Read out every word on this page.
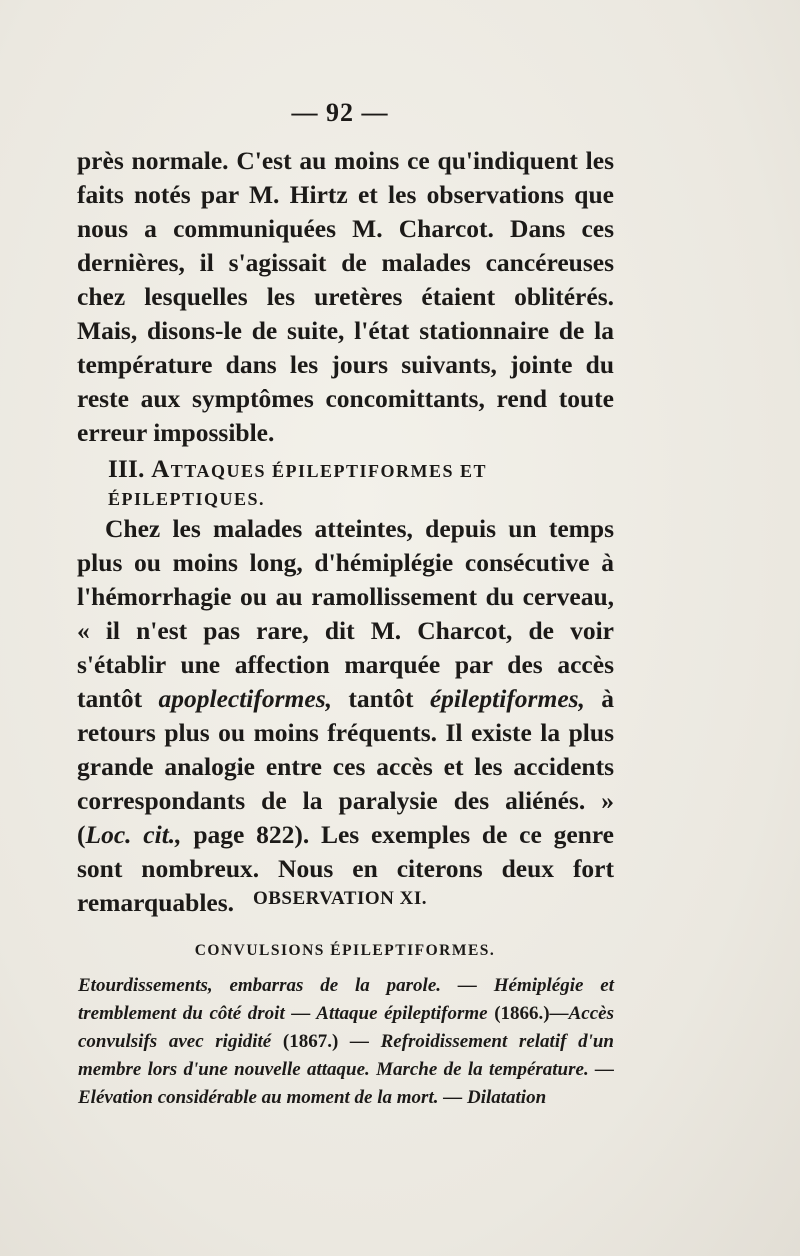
— 92 —

près normale. C'est au moins ce qu'indiquent les faits notés par M. Hirtz et les observations que nous a communiquées M. Charcot. Dans ces dernières, il s'agissait de malades cancéreuses chez lesquelles les uretères étaient oblitérés. Mais, disons-le de suite, l'état stationnaire de la température dans les jours suivants, jointe du reste aux symptômes concomittants, rend toute erreur impossible.

III. ATTAQUES ÉPILEPTIFORMES ET ÉPILEPTIQUES.

Chez les malades atteintes, depuis un temps plus ou moins long, d'hémiplégie consécutive à l'hémorrhagie ou au ramollissement du cerveau, « il n'est pas rare, dit M. Charcot, de voir s'établir une affection marquée par des accès tantôt apoplectiformes, tantôt épileptiformes, à retours plus ou moins fréquents. Il existe la plus grande analogie entre ces accès et les accidents correspondants de la paralysie des aliénés. » (Loc. cit., page 822). Les exemples de ce genre sont nombreux. Nous en citerons deux fort remarquables. OBSERVATION XI.
CONVULSIONS ÉPILEPTIFORMES.
Etourdissements, embarras de la parole. — Hémiplégie et tremblement du côté droit — Attaque épileptiforme (1866.)—Accès convulsifs avec rigidité (1867.) — Refroidissement relatif d'un membre lors d'une nouvelle attaque. Marche de la température. —Elévation considérable au moment de la mort. — Dilatation
